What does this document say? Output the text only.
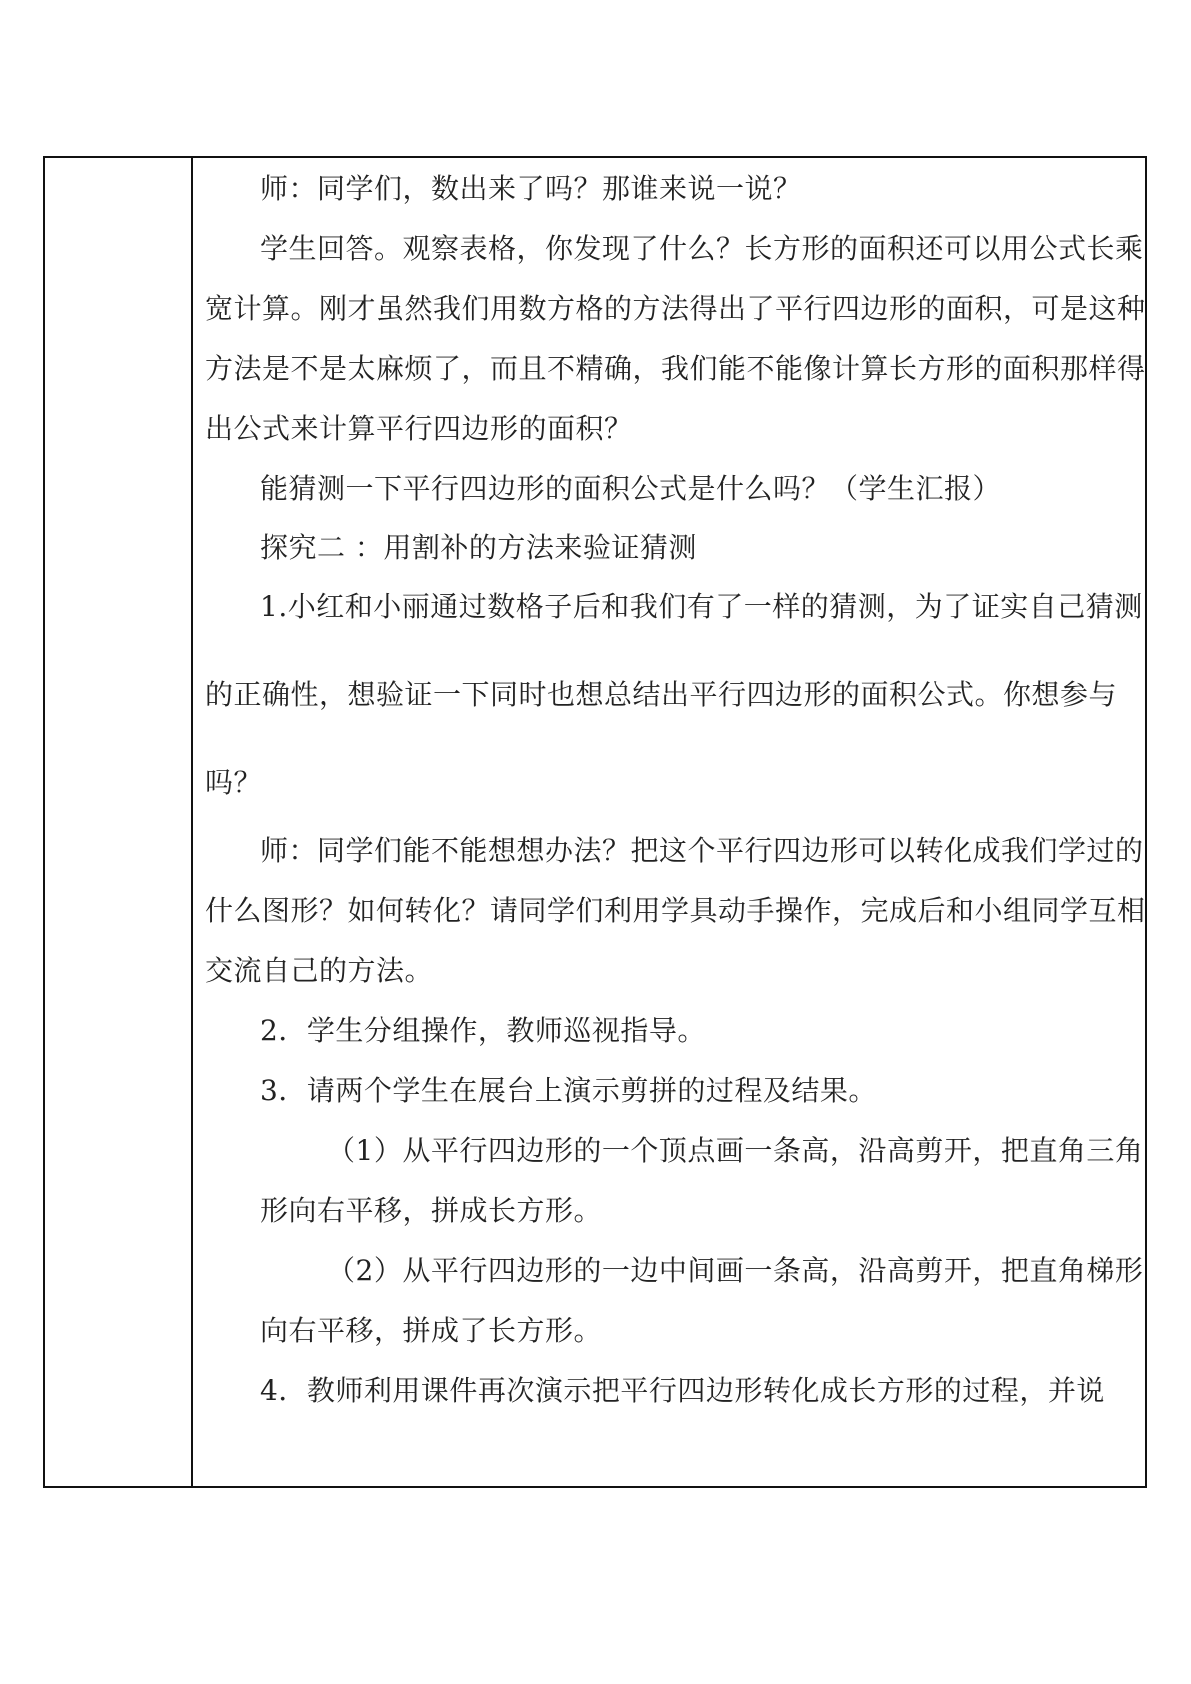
师：同学们，数出来了吗？那谁来说一说？
学生回答。观察表格，你发现了什么？长方形的面积还可以用公式长乘
宽计算。刚才虽然我们用数方格的方法得出了平行四边形的面积，可是这种
方法是不是太麻烦了，而且不精确，我们能不能像计算长方形的面积那样得
出公式来计算平行四边形的面积？
能猜测一下平行四边形的面积公式是什么吗？（学生汇报）
探究二 ：用割补的方法来验证猜测
1.小红和小丽通过数格子后和我们有了一样的猜测，为了证实自己猜测
的正确性，想验证一下同时也想总结出平行四边形的面积公式。你想参与
吗？
师：同学们能不能想想办法？把这个平行四边形可以转化成我们学过的
什么图形？如何转化？请同学们利用学具动手操作，完成后和小组同学互相
交流自己的方法。
2．学生分组操作，教师巡视指导。
3．请两个学生在展台上演示剪拼的过程及结果。
（1）从平行四边形的一个顶点画一条高，沿高剪开，把直角三角
形向右平移，拼成长方形。
（2）从平行四边形的一边中间画一条高，沿高剪开，把直角梯形
向右平移，拼成了长方形。
4．教师利用课件再次演示把平行四边形转化成长方形的过程，并说
